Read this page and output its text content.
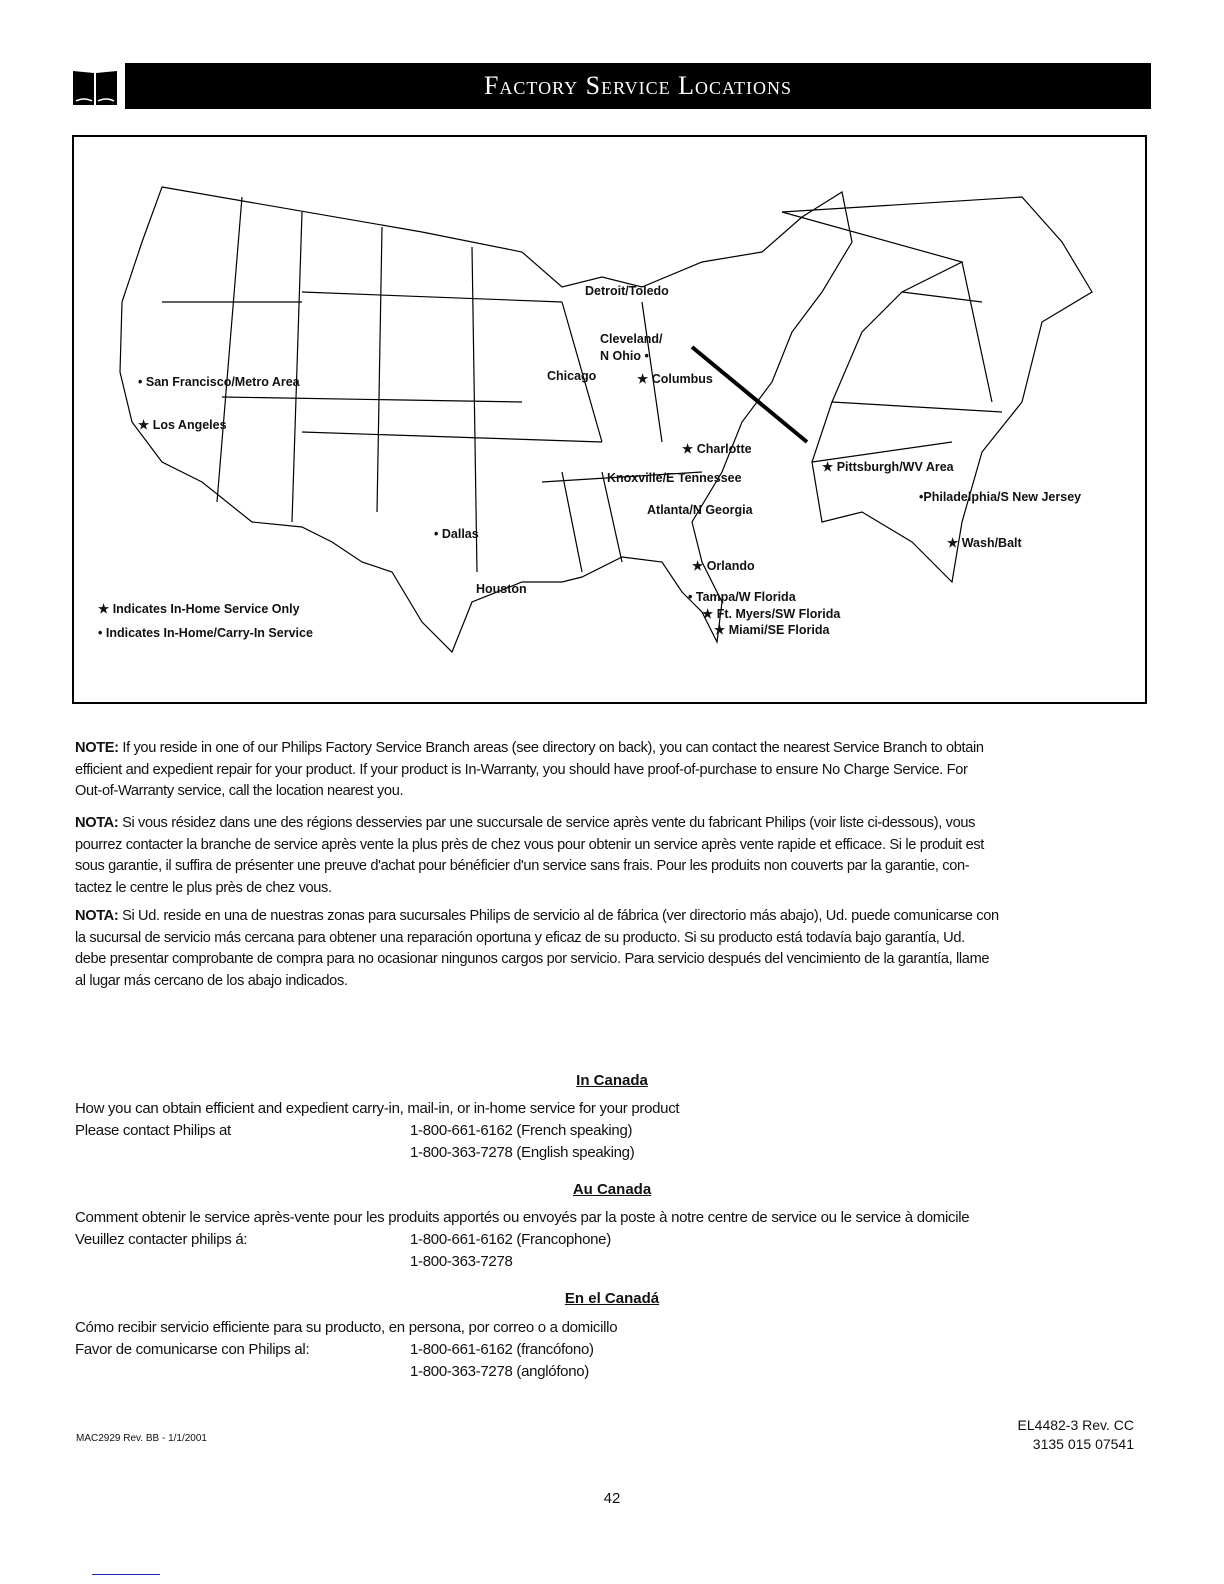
Factory Service Locations
Detroit/Toledo
Cleveland/
N Ohio •
Chicago	★ Columbus
• San Francisco/Metro Area
★ Los Angeles
★ Charlotte
Knoxville/E Tennessee
Atlanta/N Georgia
• Dallas
★ Orlando
Houston
• Tampa/W Florida
★ Ft. Myers/SW Florida
★ Miami/SE Florida
★ Pittsburgh/WV Area
•Philadelphia/S New Jersey
★ Wash/Balt
★ Indicates In-Home Service Only
• Indicates In-Home/Carry-In Service
NOTE: If you reside in one of our Philips Factory Service Branch areas (see directory on back), you can contact the nearest Service Branch to obtain
efficient and expedient repair for your product. If your product is In-Warranty, you should have proof-of-purchase to ensure No Charge Service. For
Out-of-Warranty service, call the location nearest you.
NOTA: Si vous résidez dans une des régions desservies par une succursale de service après vente du fabricant Philips (voir liste ci-dessous), vous
pourrez contacter la branche de service après vente la plus près de chez vous pour obtenir un service après vente rapide et efficace. Si le produit est
sous garantie, il suffira de présenter une preuve d'achat pour bénéficier d'un service sans frais. Pour les produits non couverts par la garantie, con-
tactez le centre le plus près de chez vous.
NOTA: Si Ud. reside en una de nuestras zonas para sucursales Philips de servicio al de fábrica (ver directorio más abajo), Ud. puede comunicarse con
la sucursal de servicio más cercana para obtener una reparación oportuna y eficaz de su producto. Si su producto está todavía bajo garantía, Ud.
debe presentar comprobante de compra para no ocasionar ningunos cargos por servicio. Para servicio después del vencimiento de la garantía, llame
al lugar más cercano de los abajo indicados.
In Canada
How you can obtain efficient and expedient carry-in, mail-in, or in-home service for your product
Please contact Philips at	1-800-661-6162 (French speaking)
1-800-363-7278 (English speaking)
Au Canada
Comment obtenir le service après-vente pour les produits apportés ou envoyés par la poste à notre centre de service ou le service à domicile
Veuillez contacter philips á:	1-800-661-6162 (Francophone)
1-800-363-7278
En el Canadá
Cómo recibir servicio efficiente para su producto, en persona, por correo o a domicillo
Favor de comunicarse con Philips al:	1-800-661-6162 (francófono)
1-800-363-7278 (anglófono)
MAC2929 Rev. BB - 1/1/2001
EL4482-3 Rev. CC
3135 015 07541
42
